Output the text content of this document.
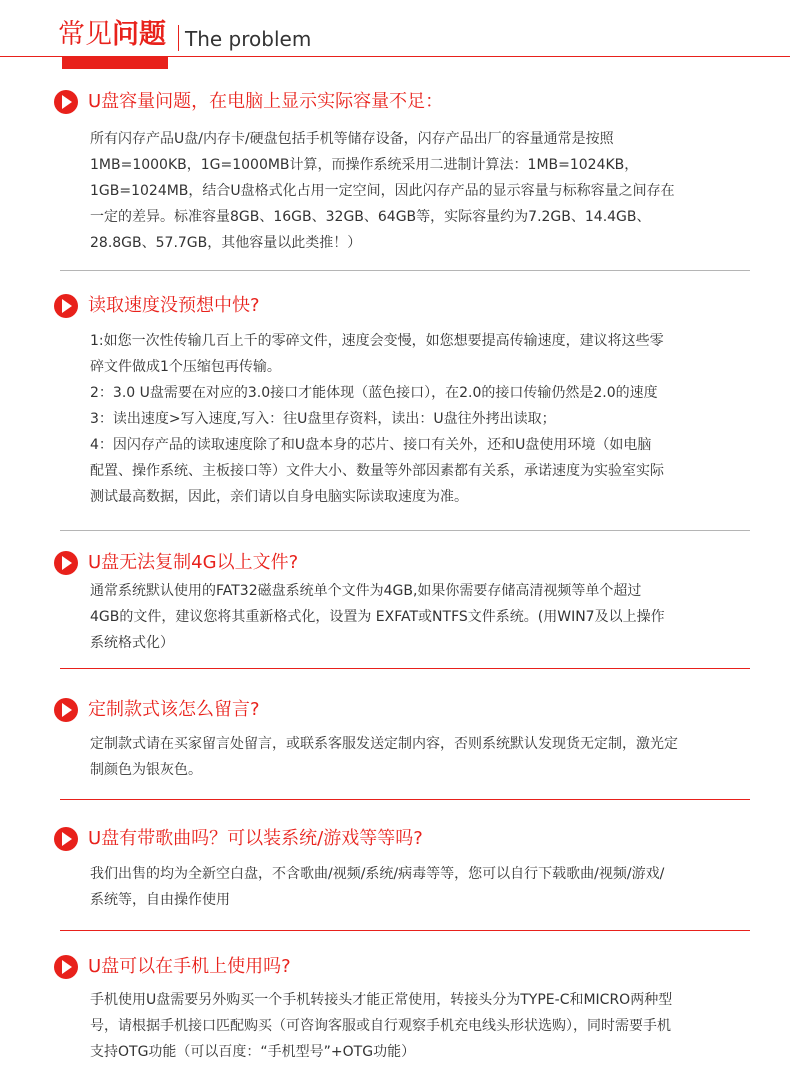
常见问题 The problem
U盘容量问题，在电脑上显示实际容量不足：

所有闪存产品U盘/内存卡/硬盘包括手机等储存设备，闪存产品出厂的容量通常是按照

1MB=1000KB，1G=1000MB计算，而操作系统采用二进制计算法：1MB=1024KB，

1GB=1024MB，结合U盘格式化占用一定空间，因此闪存产品的显示容量与标称容量之间存在

一定的差异。标准容量8GB、16GB、32GB、64GB等，实际容量约为7.2GB、14.4GB、

28.8GB、57.7GB，其他容量以此类推！）

读取速度没预想中快?

1:如您一次性传输几百上千的零碎文件，速度会变慢，如您想要提高传输速度，建议将这些零

碎文件做成1个压缩包再传输。

2：3.0 U盘需要在对应的3.0接口才能体现（蓝色接口），在2.0的接口传输仍然是2.0的速度

3：读出速度>写入速度,写入：往U盘里存资料，读出：U盘往外拷出读取；

4：因闪存产品的读取速度除了和U盘本身的芯片、接口有关外，还和U盘使用环境（如电脑

配置、操作系统、主板接口等）文件大小、数量等外部因素都有关系，承诺速度为实验室实际

测试最高数据，因此，亲们请以自身电脑实际读取速度为准。

U盘无法复制4G以上文件?

通常系统默认使用的FAT32磁盘系统单个文件为4GB,如果你需要存储高清视频等单个超过

4GB的文件，建议您将其重新格式化，设置为 EXFAT或NTFS文件系统。(用WIN7及以上操作

系统格式化）

定制款式该怎么留言?

定制款式请在买家留言处留言，或联系客服发送定制内容，否则系统默认发现货无定制，激光定

制颜色为银灰色。

U盘有带歌曲吗？可以装系统/游戏等等吗?

我们出售的均为全新空白盘，不含歌曲/视频/系统/病毒等等，您可以自行下载歌曲/视频/游戏/

系统等，自由操作使用

U盘可以在手机上使用吗?

手机使用U盘需要另外购买一个手机转接头才能正常使用，转接头分为TYPE-C和MICRO两种型

号，请根据手机接口匹配购买（可咨询客服或自行观察手机充电线头形状选购），同时需要手机

支持OTG功能（可以百度：“手机型号”+OTG功能）
